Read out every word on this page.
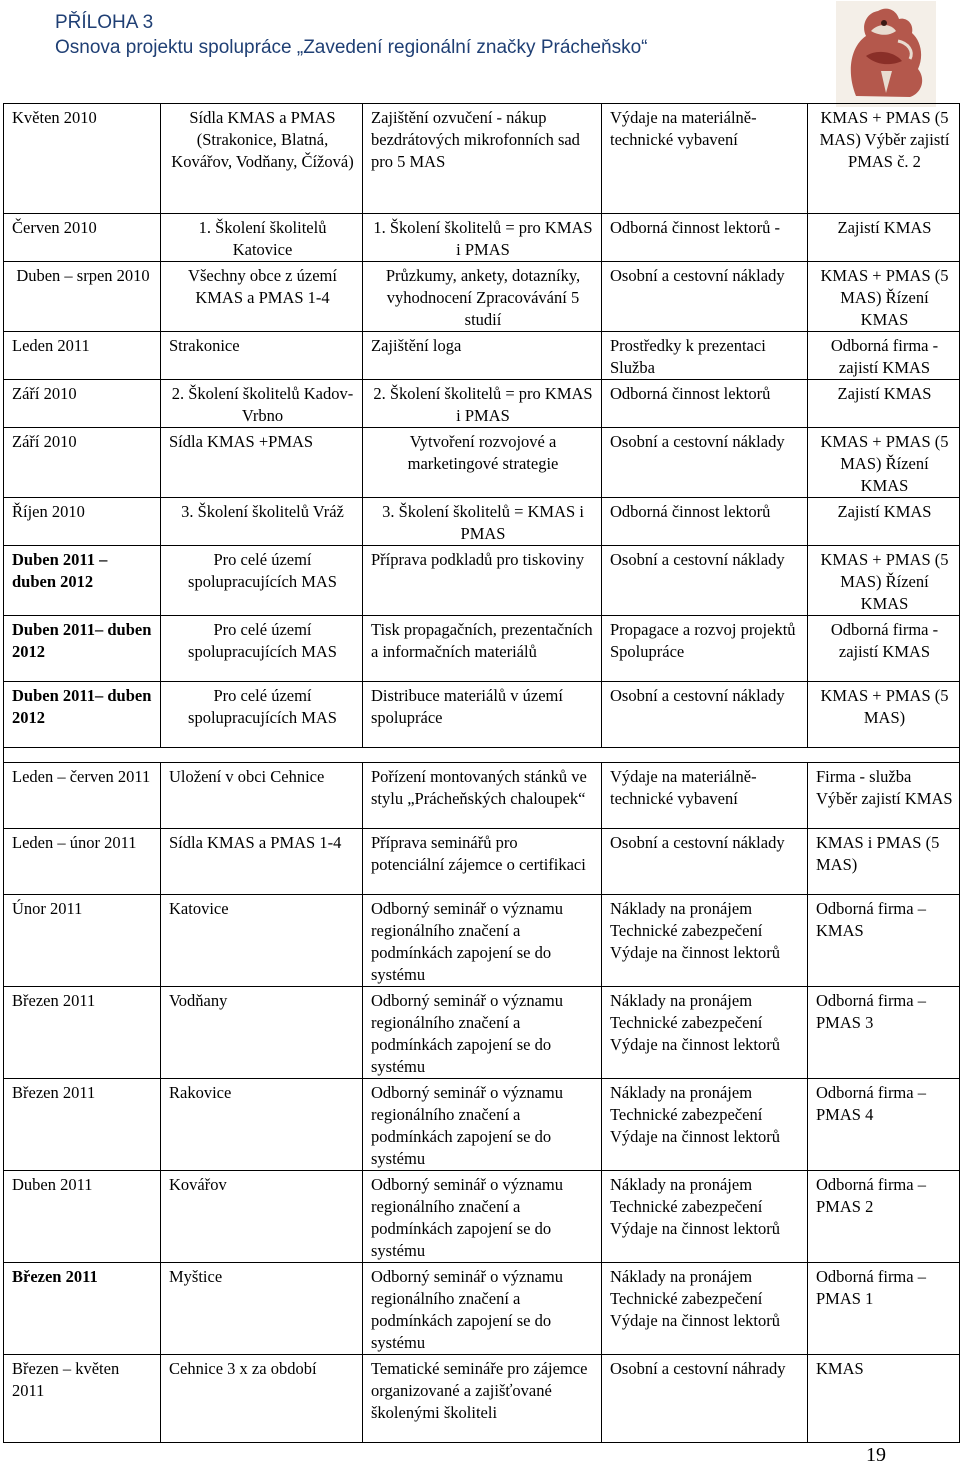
PŘÍLOHA 3
Osnova projektu spolupráce „Zavedení regionální značky Prácheňsko“
Květen 2010	Sídla KMAS a PMAS (Strakonice, Blatná, Kovářov, Vodňany, Čížová)	Zajištění ozvučení - nákup bezdrátových mikrofonních sad pro 5 MAS	Výdaje na materiálně-technické vybavení	KMAS + PMAS (5 MAS) Výběr zajistí PMAS č. 2
Červen 2010	1. Školení školitelů Katovice	1. Školení školitelů = pro KMAS i PMAS	Odborná činnost lektorů -	Zajistí KMAS
Duben – srpen 2010	Všechny obce z území KMAS a PMAS 1-4	Průzkumy, ankety, dotazníky, vyhodnocení Zpracovávání 5 studií	Osobní a cestovní náklady	KMAS + PMAS (5 MAS) Řízení KMAS
Leden 2011	Strakonice	Zajištění loga	Prostředky k prezentaci Služba	Odborná firma - zajistí KMAS
Září 2010	2. Školení školitelů Kadov-Vrbno	2. Školení školitelů = pro KMAS i PMAS	Odborná činnost lektorů	Zajistí KMAS
Září 2010	Sídla KMAS +PMAS	Vytvoření rozvojové a marketingové strategie	Osobní a cestovní náklady	KMAS + PMAS (5 MAS) Řízení KMAS
Říjen 2010	3. Školení školitelů Vráž	3. Školení školitelů = KMAS i PMAS	Odborná činnost lektorů	Zajistí KMAS
Duben 2011 – duben 2012	Pro celé území spolupracujících MAS	Příprava podkladů pro tiskoviny	Osobní a cestovní náklady	KMAS + PMAS (5 MAS) Řízení KMAS
Duben 2011– duben 2012	Pro celé území spolupracujících MAS	Tisk propagačních, prezentačních a informačních materiálů	Propagace a rozvoj projektů Spolupráce	Odborná firma - zajistí KMAS
Duben 2011– duben 2012	Pro celé území spolupracujících MAS	Distribuce materiálů v území spolupráce	Osobní a cestovní náklady	KMAS + PMAS (5 MAS)

Leden – červen 2011	Uložení v obci Cehnice	Pořízení montovaných stánků ve stylu „Prácheňských chaloupek“	Výdaje na materiálně-technické vybavení	Firma - služba Výběr zajistí KMAS
Leden – únor 2011	Sídla KMAS a PMAS 1-4	Příprava seminářů pro potenciální zájemce o certifikaci	Osobní a cestovní náklady	KMAS i PMAS (5 MAS)
Únor 2011	Katovice	Odborný seminář o významu regionálního značení a podmínkách zapojení se do systému	Náklady na pronájem Technické zabezpečení Výdaje na činnost lektorů	Odborná firma – KMAS
Březen 2011	Vodňany	Odborný seminář o významu regionálního značení a podmínkách zapojení se do systému	Náklady na pronájem Technické zabezpečení Výdaje na činnost lektorů	Odborná firma – PMAS 3
Březen 2011	Rakovice	Odborný seminář o významu regionálního značení a podmínkách zapojení se do systému	Náklady na pronájem Technické zabezpečení Výdaje na činnost lektorů	Odborná firma – PMAS 4
Duben 2011	Kovářov	Odborný seminář o významu regionálního značení a podmínkách zapojení se do systému	Náklady na pronájem Technické zabezpečení Výdaje na činnost lektorů	Odborná firma – PMAS 2
Březen 2011	Myštice	Odborný seminář o významu regionálního značení a podmínkách zapojení se do systému	Náklady na pronájem Technické zabezpečení Výdaje na činnost lektorů	Odborná firma – PMAS 1
Březen – květen 2011	Cehnice 3 x za období	Tematické semináře pro zájemce organizované a zajišťované školenými školiteli	Osobní a cestovní náhrady	KMAS
19
